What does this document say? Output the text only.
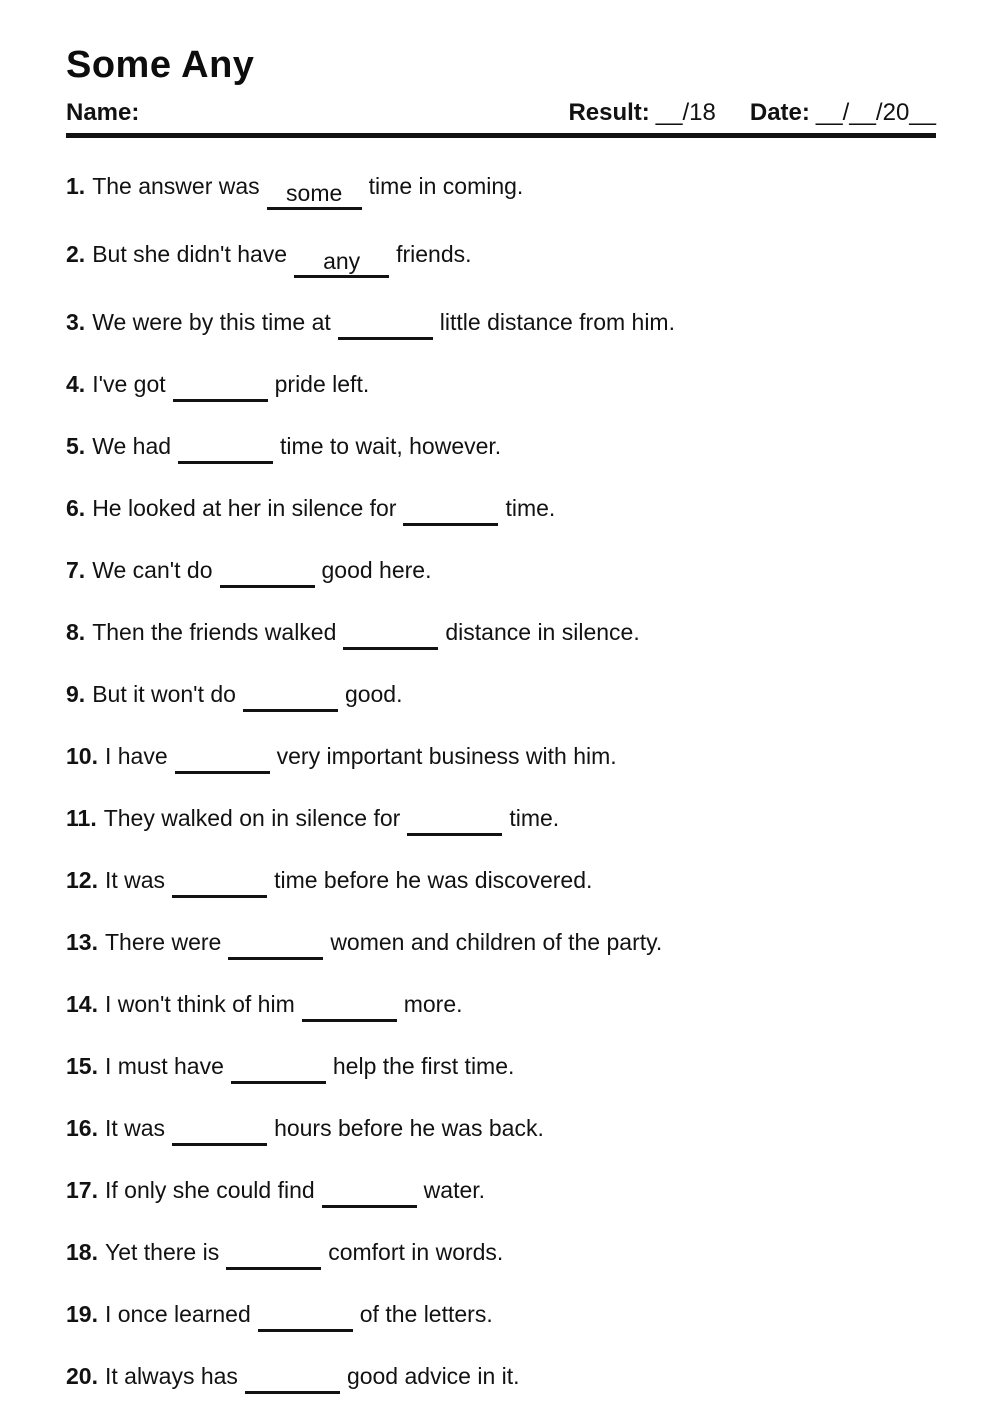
Some Any
Name:	Result: __/18 Date: __/__/20__
1. The answer was some time in coming.
2. But she didn't have any friends.
3. We were by this time at	little distance from him.
4. I've got	pride left.
5. We had	time to wait, however.
6. He looked at her in silence for	time.
7. We can't do	good here.
8. Then the friends walked	distance in silence.
9. But it won't do	good.
10. I have	very important business with him.
11. They walked on in silence for	time.
12. It was	time before he was discovered.
13. There were	women and children of the party.
14. I won't think of him	more.
15. I must have	help the first time.
16. It was	hours before he was back.
17. If only she could find	water.
18. Yet there is	comfort in words.
19. I once learned	of the letters.
20. It always has	good advice in it.
